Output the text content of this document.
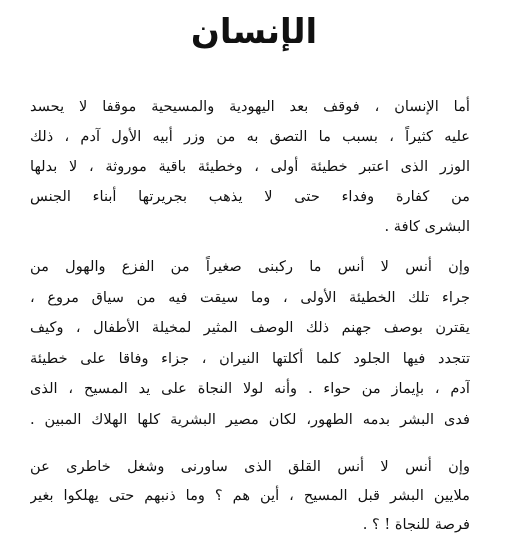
الإنسان
أما الإنسان ، فوقف بعد اليهودية والمسيحية موقفا لا يحسد
عليه كثيراً ، بسبب ما التصق به من وزر أبيه الأول آدم ، ذلك
الوزر الذى اعتبر خطيئة أولى ، وخطيئة باقية موروثة ، لا بدلها
من كفارة وفداء حتى لا يذهب بجريرتها أبناء الجنس
البشرى كافة .
وإن أنس لا أنس ما ركبنى صغيراً من الفزع والهول من
جراء تلك الخطيئة الأولى ، وما سيقت فيه من سياق مروع ،
يقترن بوصف جهنم ذلك الوصف المثير لمخيلة الأطفال ، وكيف
تتجدد فيها الجلود كلما أكلتها النيران ، جزاء وفاقا على خطيئة
آدم ، بإيماز من حواء . وأنه لولا النجاة على يد المسيح ، الذى
فدى البشر بدمه الطهور، لكان مصير البشرية كلها الهلاك المبين .
وإن أنس لا أنس القلق الذى ساورنى وشغل خاطرى عن
ملايين البشر قبل المسيح ، أين هم ؟ وما ذنبهم حتى يهلكوا بغير
فرصة للنجاة ! ؟ .
